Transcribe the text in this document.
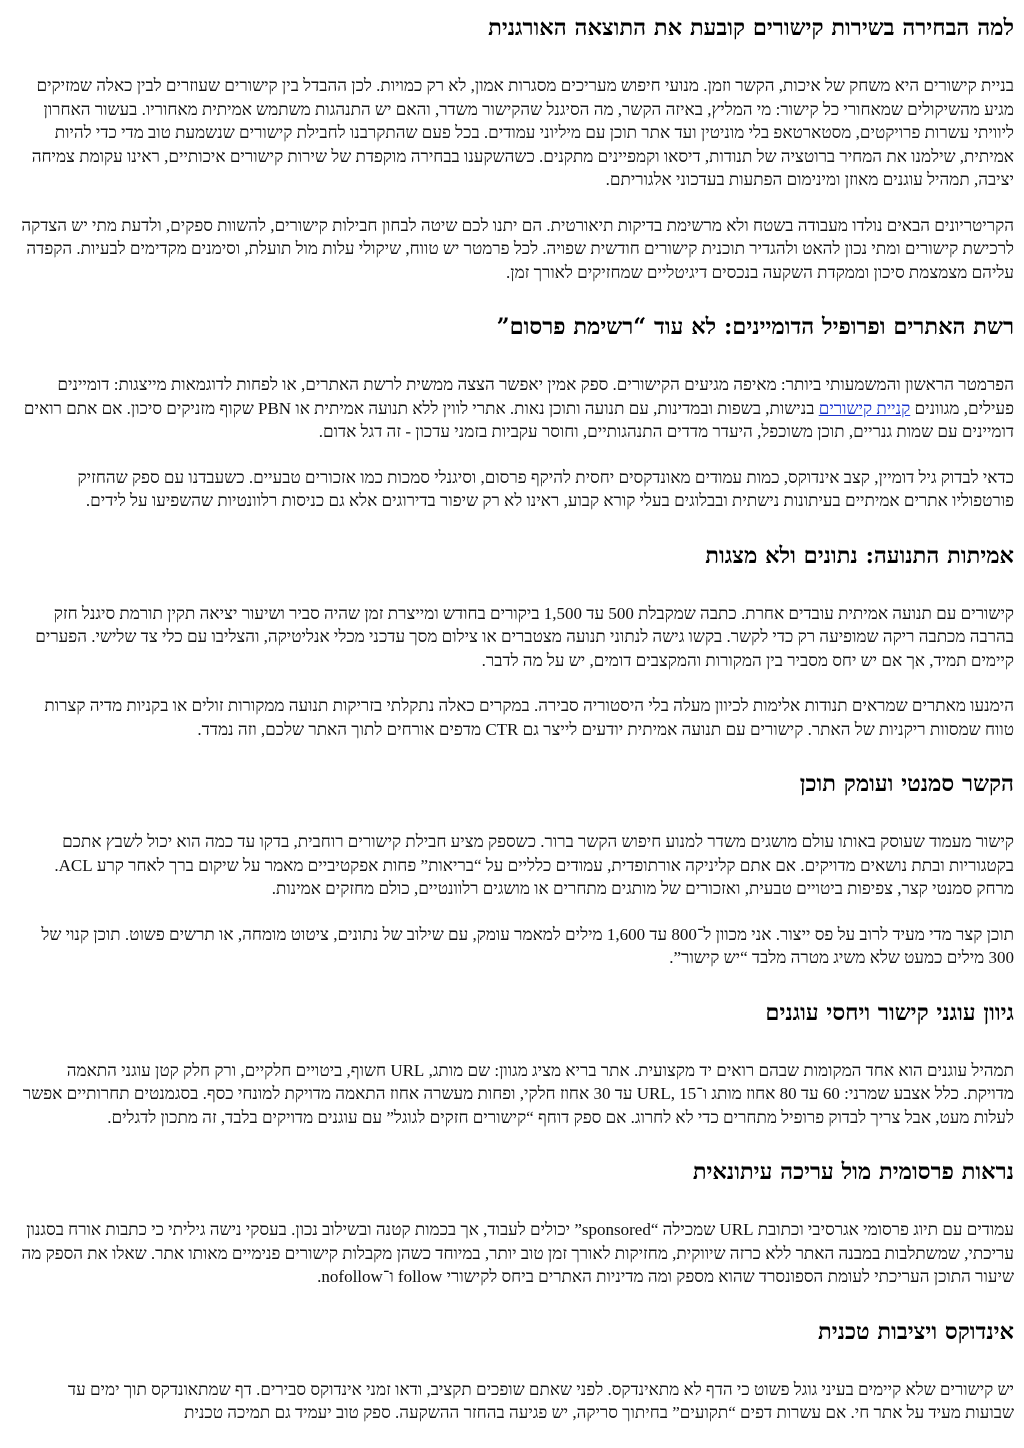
למה הבחירה בשירות קישורים קובעת את התוצאה האורגנית

בניית קישורים היא משחק של איכות, הקשר וזמן. מנועי חיפוש מעריכים מסגרות אמון, לא רק כמויות. לכן ההבדל בין קישורים שעוזרים לבין כאלה שמזיקים מגיע מהשיקולים שמאחורי כל קישור: מי המליץ, באיזה הקשר, מה הסיגנל שהקישור משדר, והאם יש התנהגות משתמש אמיתית מאחוריו. בעשור האחרון ליוויתי עשרות פרויקטים, מסטארטאפ בלי מוניטין ועד אתר תוכן עם מיליוני עמודים. בכל פעם שהתקרבנו לחבילת קישורים שנשמעת טוב מדי כדי להיות אמיתית, שילמנו את המחיר ברוטציה של תנודות, דיסאו וקמפיינים מתקנים. כשהשקענו בבחירה מוקפדת של שירות קישורים איכותיים, ראינו עקומת צמיחה יציבה, תמהיל עוגנים מאוזן ומינימום הפתעות בעדכוני אלגוריתם.

הקריטריונים הבאים נולדו מעבודה בשטח ולא מרשימת בדיקות תיאורטית. הם יתנו לכם שיטה לבחון חבילות קישורים, להשוות ספקים, ולדעת מתי יש הצדקה לרכישת קישורים ומתי נכון להאט ולהגדיר תוכנית קישורים חודשית שפויה. לכל פרמטר יש טווח, שיקולי עלות מול תועלת, וסימנים מקדימים לבעיות. הקפדה עליהם מצמצמת סיכון וממקדת השקעה בנכסים דיגיטליים שמחזיקים לאורך זמן.

רשת האתרים ופרופיל הדומיינים: לא עוד “רשימת פרסום”

הפרמטר הראשון והמשמעותי ביותר: מאיפה מגיעים הקישורים. ספק אמין יאפשר הצצה ממשית לרשת האתרים, או לפחות לדוגמאות מייצגות: דומיינים פעילים, מגוונים קניית קישורים בנישות, בשפות ובמדינות, עם תנועה ותוכן נאות. אתרי לווין ללא תנועה אמיתית או PBN שקוף מזניקים סיכון. אם אתם רואים דומיינים עם שמות גנריים, תוכן משוכפל, היעדר מדדים התנהגותיים, וחוסר עקביות בזמני עדכון - זה דגל אדום.

כדאי לבדוק גיל דומיין, קצב אינדוקס, כמות עמודים מאונדקסים יחסית להיקף פרסום, וסיגנלי סמכות כמו אזכורים טבעיים. כשעבדנו עם ספק שהחזיק פורטפוליו אתרים אמיתיים בעיתונות נישתית ובבלוגים בעלי קורא קבוע, ראינו לא רק שיפור בדירוגים אלא גם כניסות רלוונטיות שהשפיעו על לידים.

אמיתות התנועה: נתונים ולא מצגות

קישורים עם תנועה אמיתית עובדים אחרת. כתבה שמקבלת 500 עד 1,500 ביקורים בחודש ומייצרת זמן שהיה סביר ושיעור יציאה תקין תורמת סיגנל חזק בהרבה מכתבה ריקה שמופיעה רק כדי לקשר. בקשו גישה לנתוני תנועה מצטברים או צילום מסך עדכני מכלי אנליטיקה, והצליבו עם כלי צד שלישי. הפערים קיימים תמיד, אך אם יש יחס מסביר בין המקורות והמקצבים דומים, יש על מה לדבר.

הימנעו מאתרים שמראים תנודות אלימות לכיוון מעלה בלי היסטוריה סבירה. במקרים כאלה נתקלתי בזריקות תנועה ממקורות זולים או בקניות מדיה קצרות טווח שמסוות ריקניות של האתר. קישורים עם תנועה אמיתית יודעים לייצר גם CTR מדפים אורחים לתוך האתר שלכם, וזה נמדד.

הקשר סמנטי ועומק תוכן

קישור מעמוד שעוסק באותו עולם מושגים משדר למנוע חיפוש הקשר ברור. כשספק מציע חבילת קישורים רוחבית, בדקו עד כמה הוא יכול לשבץ אתכם בקטגוריות ובתת נושאים מדויקים. אם אתם קליניקה אורתופדית, עמודים כלליים על “בריאות” פחות אפקטיביים מאמר על שיקום ברך לאחר קרע ACL. מרחק סמנטי קצר, צפיפות ביטויים טבעית, ואזכורים של מותגים מתחרים או מושגים רלוונטיים, כולם מחזקים אמינות.

תוכן קצר מדי מעיד לרוב על פס ייצור. אני מכוון ל־800 עד 1,600 מילים למאמר עומק, עם שילוב של נתונים, ציטוט מומחה, או תרשים פשוט. תוכן קנוי של 300 מילים כמעט שלא משיג מטרה מלבד “יש קישור”.

גיוון עוגני קישור ויחסי עוגנים

תמהיל עוגנים הוא אחד המקומות שבהם רואים יד מקצועית. אתר בריא מציג מגוון: שם מותג, URL חשוף, ביטויים חלקיים, ורק חלק קטן עוגני התאמה מדויקת. כלל אצבע שמרני: 60 עד 80 אחוז מותג ו־URL, 15 עד 30 אחוז חלקי, ופחות מעשרה אחוז התאמה מדויקת למונחי כסף. בסגמנטים תחרותיים אפשר לעלות מעט, אבל צריך לבדוק פרופיל מתחרים כדי לא לחרוג. אם ספק דוחף “קישורים חזקים לגוגל” עם עוגנים מדויקים בלבד, זה מתכון לדגלים.

נראות פרסומית מול עריכה עיתונאית

עמודים עם תיוג פרסומי אגרסיבי וכתובת URL שמכילה “sponsored” יכולים לעבוד, אך בכמות קטנה ובשילוב נכון. בעסקי נישה גיליתי כי כתבות אורח בסגנון עריכתי, שמשתלבות במבנה האתר ללא כרזה שיווקית, מחזיקות לאורך זמן טוב יותר, במיוחד כשהן מקבלות קישורים פנימיים מאותו אתר. שאלו את הספק מה שיעור התוכן העריכתי לעומת הספונסרד שהוא מספק ומה מדיניות האתרים ביחס לקישורי follow ו־nofollow.

אינדוקס ויציבות טכנית

יש קישורים שלא קיימים בעיני גוגל פשוט כי הדף לא מתאינדקס. לפני שאתם שופכים תקציב, ודאו זמני אינדוקס סבירים. דף שמתאונדקס תוך ימים עד שבועות מעיד על אתר חי. אם עשרות דפים “תקועים” בחיתוך סריקה, יש פגיעה בהחזר ההשקעה. ספק טוב יעמיד גם תמיכה טכנית
